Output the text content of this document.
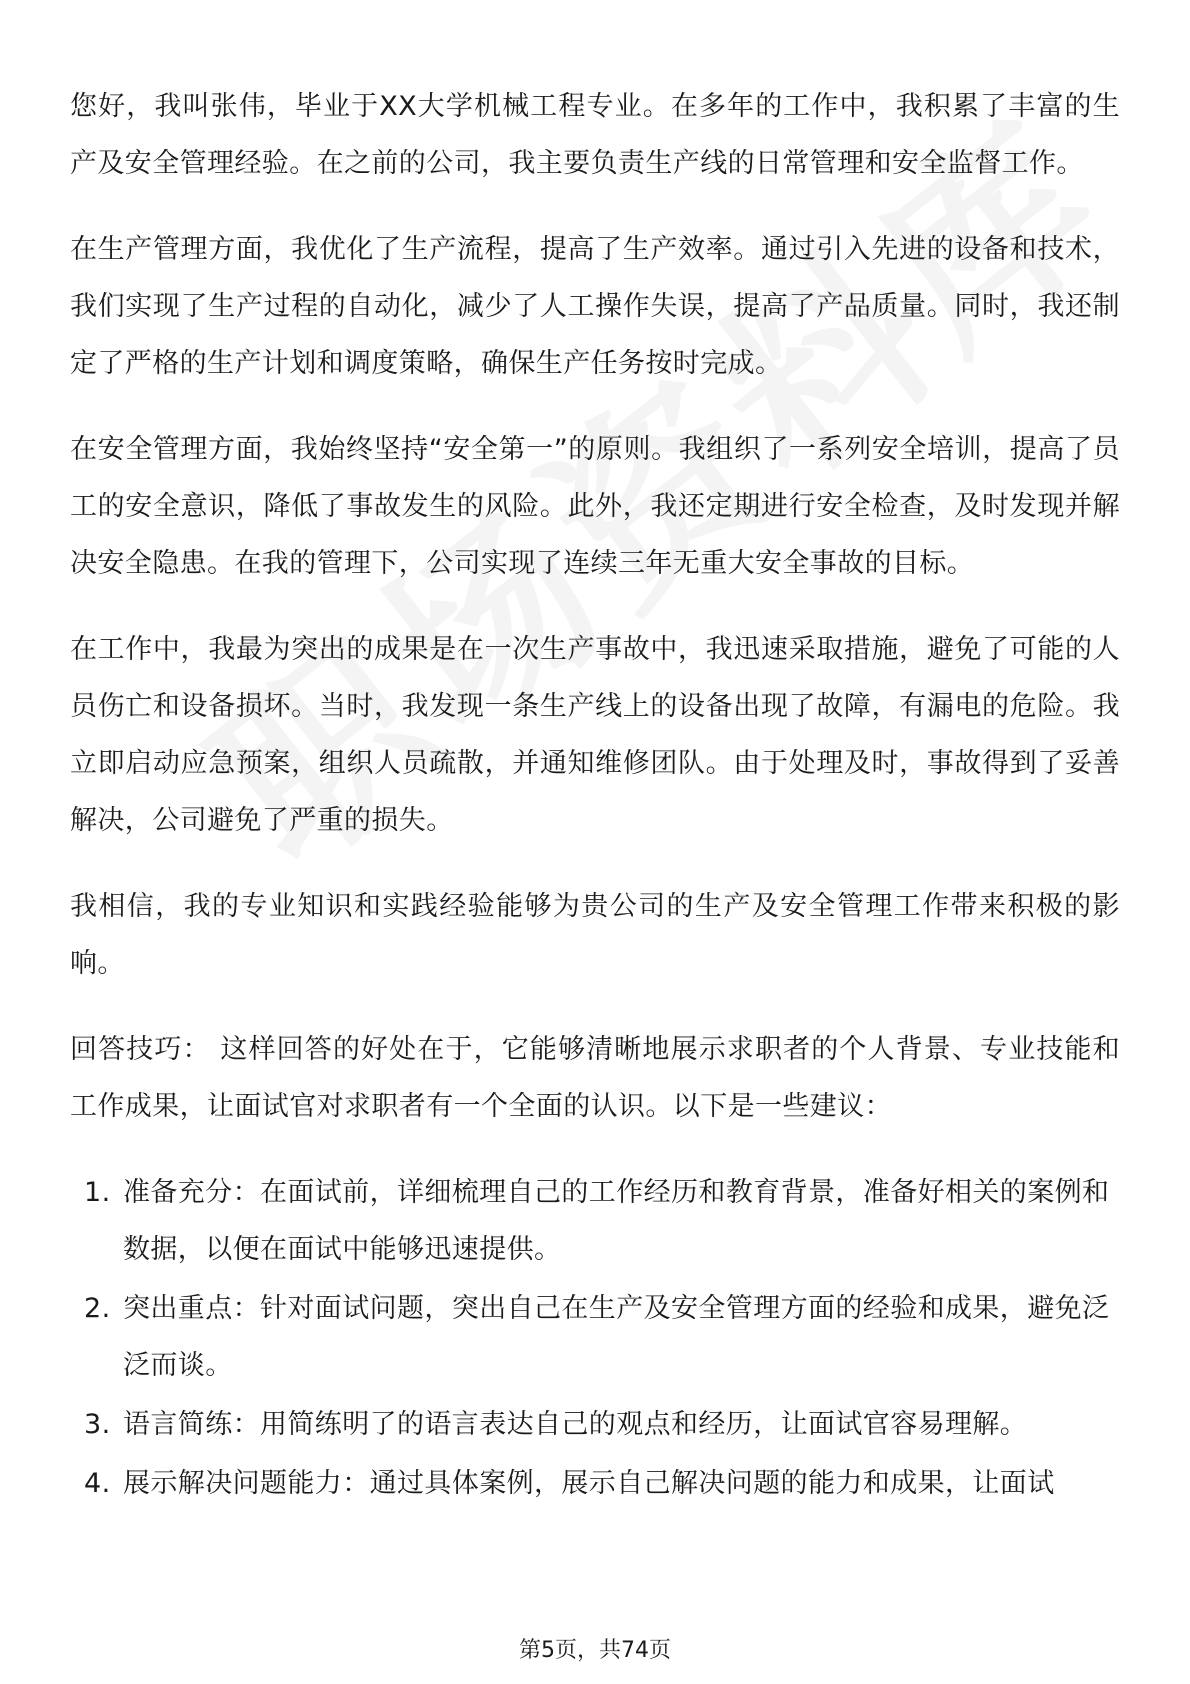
您好，我叫张伟，毕业于XX大学机械工程专业。在多年的工作中，我积累了丰富的生产及安全管理经验。在之前的公司，我主要负责生产线的日常管理和安全监督工作。

在生产管理方面，我优化了生产流程，提高了生产效率。通过引入先进的设备和技术，我们实现了生产过程的自动化，减少了人工操作失误，提高了产品质量。同时，我还制定了严格的生产计划和调度策略，确保生产任务按时完成。

在安全管理方面，我始终坚持“安全第一”的原则。我组织了一系列安全培训，提高了员工的安全意识，降低了事故发生的风险。此外，我还定期进行安全检查，及时发现并解决安全隐患。在我的管理下，公司实现了连续三年无重大安全事故的目标。

在工作中，我最为突出的成果是在一次生产事故中，我迅速采取措施，避免了可能的人员伤亡和设备损坏。当时，我发现一条生产线上的设备出现了故障，有漏电的危险。我立即启动应急预案，组织人员疏散，并通知维修团队。由于处理及时，事故得到了妥善解决，公司避免了严重的损失。

我相信，我的专业知识和实践经验能够为贵公司的生产及安全管理工作带来积极的影响。

回答技巧： 这样回答的好处在于，它能够清晰地展示求职者的个人背景、专业技能和工作成果，让面试官对求职者有一个全面的认识。以下是一些建议：

1. 准备充分：在面试前，详细梳理自己的工作经历和教育背景，准备好相关的案例和数据，以便在面试中能够迅速提供。
2. 突出重点：针对面试问题，突出自己在生产及安全管理方面的经验和成果，避免泛泛而谈。
3. 语言简练：用简练明了的语言表达自己的观点和经历，让面试官容易理解。
4. 展示解决问题能力：通过具体案例，展示自己解决问题的能力和成果，让面试
第5页，共74页
